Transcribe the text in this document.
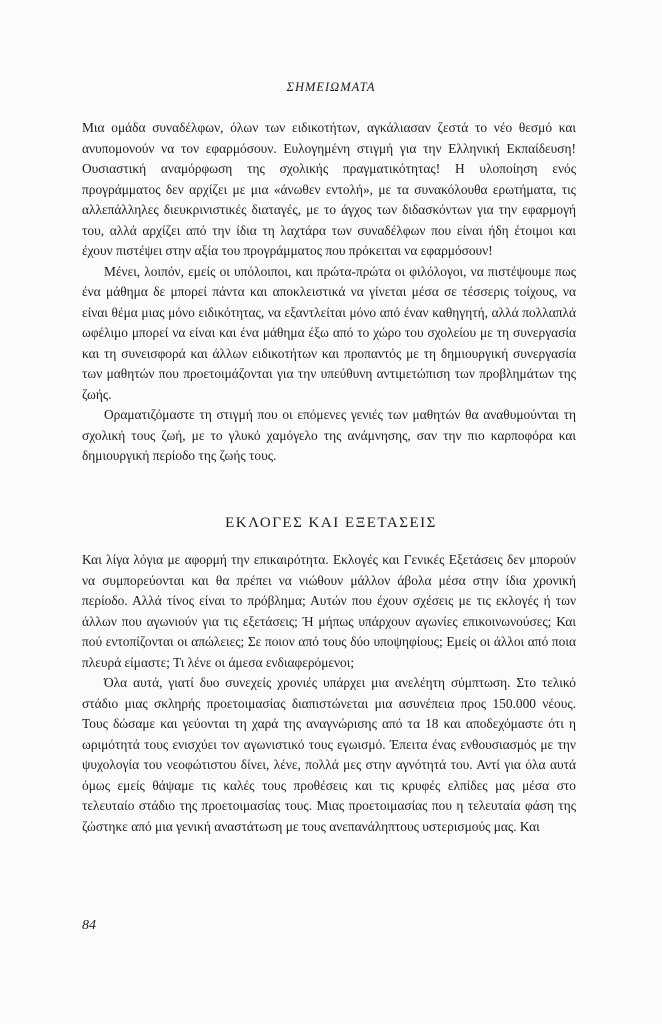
ΣΗΜΕΙΩΜΑΤΑ

Μια ομάδα συναδέλφων, όλων των ειδικοτήτων, αγκάλιασαν ζεστά το νέο θεσμό και ανυπομονούν να τον εφαρμόσουν. Ευλογημένη στιγμή για την Ελληνική Εκπαίδευση! Ουσιαστική αναμόρφωση της σχολικής πραγματικότητας! Η υλοποίηση ενός προγράμματος δεν αρχίζει με μια «άνωθεν εντολή», με τα συνακόλουθα ερωτήματα, τις αλλεπάλληλες διευκρινιστικές διαταγές, με το άγχος των διδασκόντων για την εφαρμογή του, αλλά αρχίζει από την ίδια τη λαχτάρα των συναδέλφων που είναι ήδη έτοιμοι και έχουν πιστέψει στην αξία του προγράμματος που πρόκειται να εφαρμόσουν!

Μένει, λοιπόν, εμείς οι υπόλοιποι, και πρώτα-πρώτα οι φιλόλογοι, να πιστέψουμε πως ένα μάθημα δε μπορεί πάντα και αποκλειστικά να γίνεται μέσα σε τέσσερις τοίχους, να είναι θέμα μιας μόνο ειδικότητας, να εξαντλείται μόνο από έναν καθηγητή, αλλά πολλαπλά ωφέλιμο μπορεί να είναι και ένα μάθημα έξω από το χώρο του σχολείου με τη συνεργασία και τη συνεισφορά και άλλων ειδικοτήτων και προπαντός με τη δημιουργική συνεργασία των μαθητών που προετοιμάζονται για την υπεύθυνη αντιμετώπιση των προβλημάτων της ζωής.

Οραματιζόμαστε τη στιγμή που οι επόμενες γενιές των μαθητών θα αναθυμούνται τη σχολική τους ζωή, με το γλυκό χαμόγελο της ανάμνησης, σαν την πιο καρποφόρα και δημιουργική περίοδο της ζωής τους.

ΕΚΛΟΓΕΣ ΚΑΙ ΕΞΕΤΑΣΕΙΣ

Και λίγα λόγια με αφορμή την επικαιρότητα. Εκλογές και Γενικές Εξετάσεις δεν μπορούν να συμπορεύονται και θα πρέπει να νιώθουν μάλλον άβολα μέσα στην ίδια χρονική περίοδο. Αλλά τίνος είναι το πρόβλημα; Αυτών που έχουν σχέσεις με τις εκλογές ή των άλλων που αγωνιούν για τις εξετάσεις; Ή μήπως υπάρχουν αγωνίες επικοινωνούσες; Και πού εντοπίζονται οι απώλειες; Σε ποιον από τους δύο υποψηφίους; Εμείς οι άλλοι από ποια πλευρά είμαστε; Τι λένε οι άμεσα ενδιαφερόμενοι;

Όλα αυτά, γιατί δυο συνεχείς χρονιές υπάρχει μια ανελέητη σύμπτωση. Στο τελικό στάδιο μιας σκληρής προετοιμασίας διαπιστώνεται μια ασυνέπεια προς 150.000 νέους. Τους δώσαμε και γεύονται τη χαρά της αναγνώρισης από τα 18 και αποδεχόμαστε ότι η ωριμότητά τους ενισχύει τον αγωνιστικό τους εγωισμό. Έπειτα ένας ενθουσιασμός με την ψυχολογία του νεοφώτιστου δίνει, λένε, πολλά μες στην αγνότητά του. Αντί για όλα αυτά όμως εμείς θάψαμε τις καλές τους προθέσεις και τις κρυφές ελπίδες μας μέσα στο τελευταίο στάδιο της προετοιμασίας τους. Μιας προετοιμασίας που η τελευταία φάση της ζώστηκε από μια γενική αναστάτωση με τους ανεπανάληπτους υστερισμούς μας. Και

84
